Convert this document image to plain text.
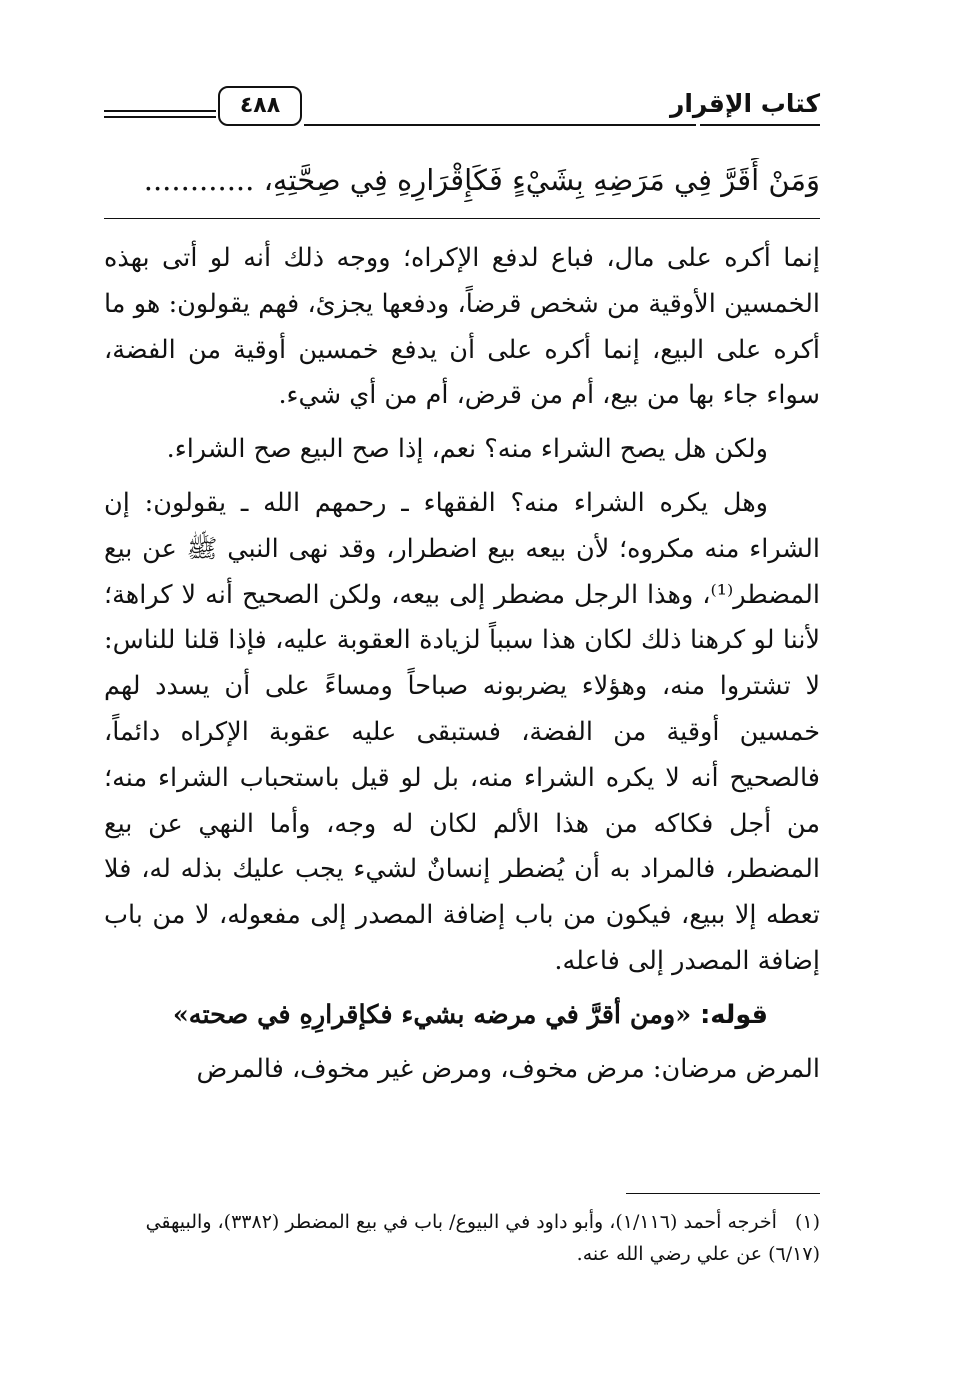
كتاب الإقرار
٤٨٨
وَمَنْ أَقَرَّ فِي مَرَضِهِ بِشَيْءٍ فَكَإِقْرَارِهِ فِي صِحَّتِهِ، ............

إنما أكره على مال، فباع لدفع الإكراه؛ ووجه ذلك أنه لو أتى بهذه الخمسين الأوقية من شخص قرضاً، ودفعها يجزئ، فهم يقولون: هو ما أكره على البيع، إنما أكره على أن يدفع خمسين أوقية من الفضة، سواء جاء بها من بيع، أم من قرض، أم من أي شيء.

ولكن هل يصح الشراء منه؟ نعم، إذا صح البيع صح الشراء.

وهل يكره الشراء منه؟ الفقهاء ـ رحمهم الله ـ يقولون: إن الشراء منه مكروه؛ لأن بيعه بيع اضطرار، وقد نهى النبي ﷺ عن بيع المضطر⁽¹⁾، وهذا الرجل مضطر إلى بيعه، ولكن الصحيح أنه لا كراهة؛ لأننا لو كرهنا ذلك لكان هذا سبباً لزيادة العقوبة عليه، فإذا قلنا للناس: لا تشتروا منه، وهؤلاء يضربونه صباحاً ومساءً على أن يسدد لهم خمسين أوقية من الفضة، فستبقى عليه عقوبة الإكراه دائماً، فالصحيح أنه لا يكره الشراء منه، بل لو قيل باستحباب الشراء منه؛ من أجل فكاكه من هذا الألم لكان له وجه، وأما النهي عن بيع المضطر، فالمراد به أن يُضطر إنسانٌ لشيء يجب عليك بذله له، فلا تعطه إلا ببيع، فيكون من باب إضافة المصدر إلى مفعوله، لا من باب إضافة المصدر إلى فاعله.

قوله: «ومن أقرَّ في مرضه بشيء فكإقرارِهِ في صحته»

المرض مرضان: مرض مخوف، ومرض غير مخوف، فالمرض

(١)أخرجه أحمد (١/١١٦)، وأبو داود في البيوع/ باب في بيع المضطر (٣٣٨٢)، والبيهقي (٦/١٧) عن علي رضي الله عنه.
